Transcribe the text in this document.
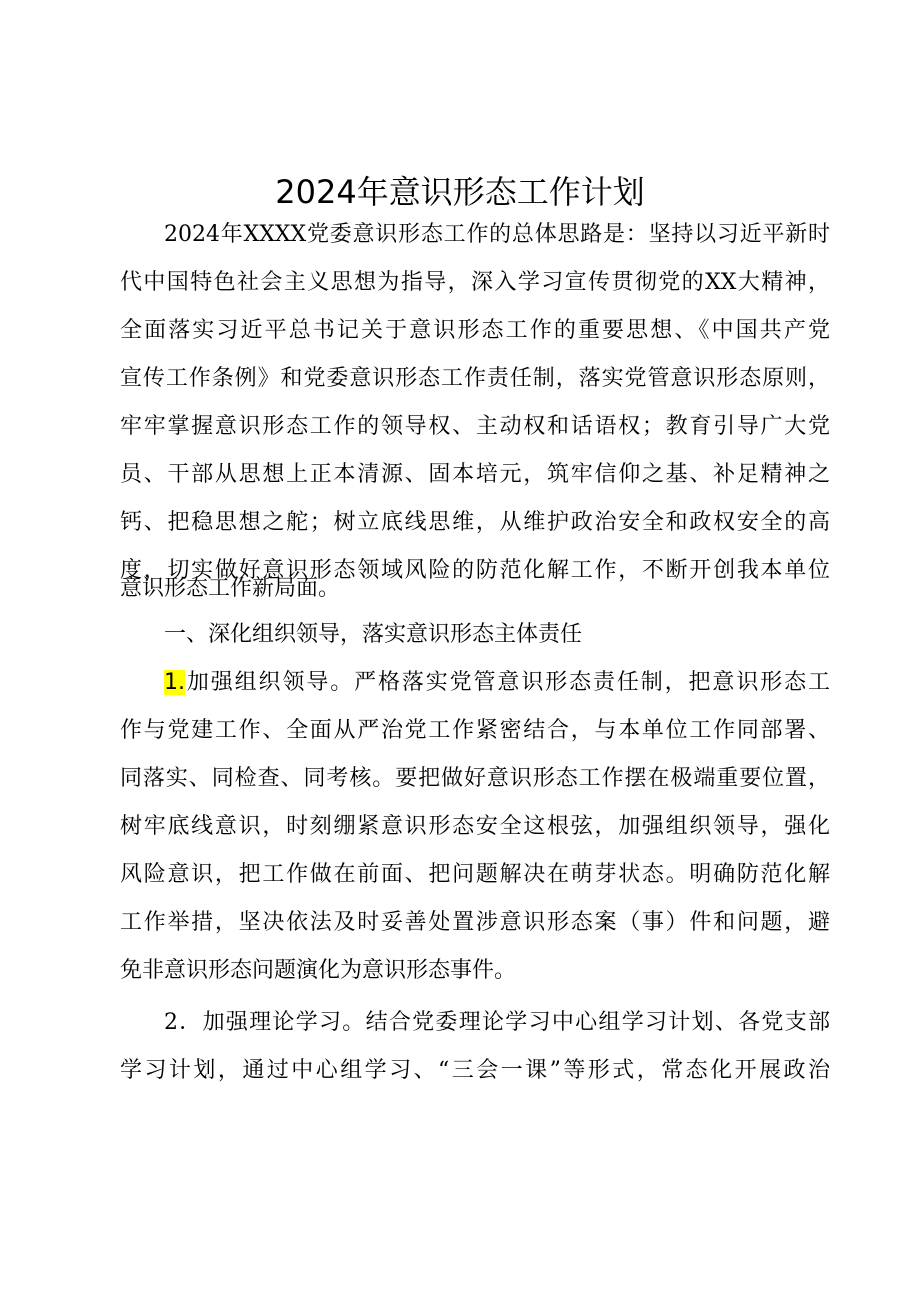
2024年意识形态工作计划
2024年XXXX党委意识形态工作的总体思路是：坚持以习近平新时
代中国特色社会主义思想为指导，深入学习宣传贯彻党的XX大精神，
全面落实习近平总书记关于意识形态工作的重要思想、《中国共产党
宣传工作条例》和党委意识形态工作责任制，落实党管意识形态原则，
牢牢掌握意识形态工作的领导权、主动权和话语权；教育引导广大党
员、干部从思想上正本清源、固本培元，筑牢信仰之基、补足精神之
钙、把稳思想之舵；树立底线思维，从维护政治安全和政权安全的高
度，切实做好意识形态领域风险的防范化解工作，不断开创我本单位
意识形态工作新局面。
一、深化组织领导，落实意识形态主体责任
1.加强组织领导。严格落实党管意识形态责任制，把意识形态工
作与党建工作、全面从严治党工作紧密结合，与本单位工作同部署、
同落实、同检查、同考核。要把做好意识形态工作摆在极端重要位置，
树牢底线意识，时刻绷紧意识形态安全这根弦，加强组织领导，强化
风险意识，把工作做在前面、把问题解决在萌芽状态。明确防范化解
工作举措，坚决依法及时妥善处置涉意识形态案（事）件和问题，避
免非意识形态问题演化为意识形态事件。
2．加强理论学习。结合党委理论学习中心组学习计划、各党支部
学习计划，通过中心组学习、“三会一课”等形式，常态化开展政治
